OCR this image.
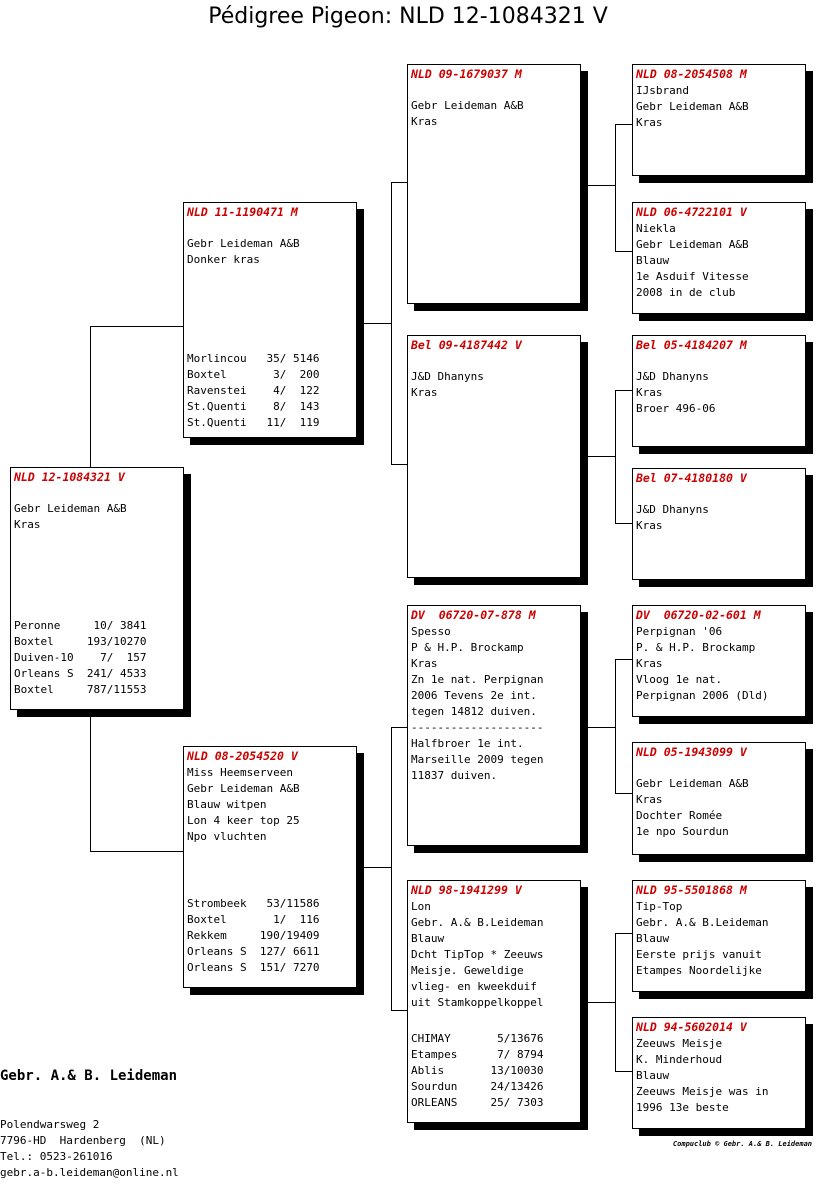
Pédigree Pigeon: NLD 12-1084321 V
NLD 12-1084321 V
Gebr Leideman A&B
Kras
Peronne     10/ 3841
Boxtel     193/10270
Duiven-10    7/  157
Orleans S  241/ 4533
Boxtel     787/11553
NLD 11-1190471 M
Gebr Leideman A&B
Donker kras
Morlincou   35/ 5146
Boxtel       3/  200
Ravenstei    4/  122
St.Quenti    8/  143
St.Quenti   11/  119
NLD 08-2054520 V
Miss Heemserveen
Gebr Leideman A&B
Blauw witpen
Lon 4 keer top 25
Npo vluchten
Strombeek   53/11586
Boxtel       1/  116
Rekkem     190/19409
Orleans S  127/ 6611
Orleans S  151/ 7270
NLD 09-1679037 M
Gebr Leideman A&B
Kras
Bel 09-4187442 V
J&D Dhanyns
Kras
DV  06720-07-878 M
Spesso
P & H.P. Brockamp
Kras
Zn 1e nat. Perpignan
2006 Tevens 2e int.
tegen 14812 duiven.
--------------------
Halfbroer 1e int.
Marseille 2009 tegen
11837 duiven.
NLD 98-1941299 V
Lon
Gebr. A.& B.Leideman
Blauw
Dcht TipTop * Zeeuws
Meisje. Geweldige
vlieg- en kweekduif
uit Stamkoppelkoppel
CHIMAY       5/13676
Etampes      7/ 8794
Ablis       13/10030
Sourdun     24/13426
ORLEANS     25/ 7303
NLD 08-2054508 M
IJsbrand
Gebr Leideman A&B
Kras
NLD 06-4722101 V
Niekla
Gebr Leideman A&B
Blauw
1e Asduif Vitesse
2008 in de club
Bel 05-4184207 M
J&D Dhanyns
Kras
Broer 496-06
Bel 07-4180180 V
J&D Dhanyns
Kras
DV  06720-02-601 M
Perpignan '06
P. & H.P. Brockamp
Kras
Vloog 1e nat.
Perpignan 2006 (Dld)
NLD 05-1943099 V
Gebr Leideman A&B
Kras
Dochter Romée
1e npo Sourdun
NLD 95-5501868 M
Tip-Top
Gebr. A.& B.Leideman
Blauw
Eerste prijs vanuit
Etampes Noordelijke
NLD 94-5602014 V
Zeeuws Meisje
K. Minderhoud
Blauw
Zeeuws Meisje was in
1996 13e beste

Gebr. A.& B. Leideman

Polendwarsweg 2
7796-HD  Hardenberg  (NL)
Tel.: 0523-261016
gebr.a-b.leideman@online.nl

Compuclub © Gebr. A.& B. Leideman
